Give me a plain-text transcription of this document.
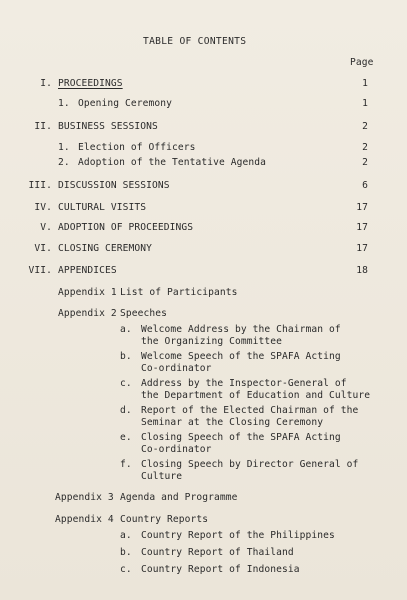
TABLE OF CONTENTS
Page
I. PROCEEDINGS	1
1. Opening Ceremony	1
II. BUSINESS SESSIONS	2
1. Election of Officers	2
2. Adoption of the Tentative Agenda	2
III. DISCUSSION SESSIONS	6
IV. CULTURAL VISITS	17
V. ADOPTION OF PROCEEDINGS	17
VI. CLOSING CEREMONY	17
VII. APPENDICES	18
Appendix 1 List of Participants
Appendix 2 Speeches
a. Welcome Address by the Chairman of
the Organizing Committee
b. Welcome Speech of the SPAFA Acting
Co-ordinator
c. Address by the Inspector-General of
the Department of Education and Culture
d. Report of the Elected Chairman of the
Seminar at the Closing Ceremony
e. Closing Speech of the SPAFA Acting
Co-ordinator
f. Closing Speech by Director General of
Culture
Appendix 3 Agenda and Programme
Appendix 4 Country Reports
a. Country Report of the Philippines
b. Country Report of Thailand
c. Country Report of Indonesia
